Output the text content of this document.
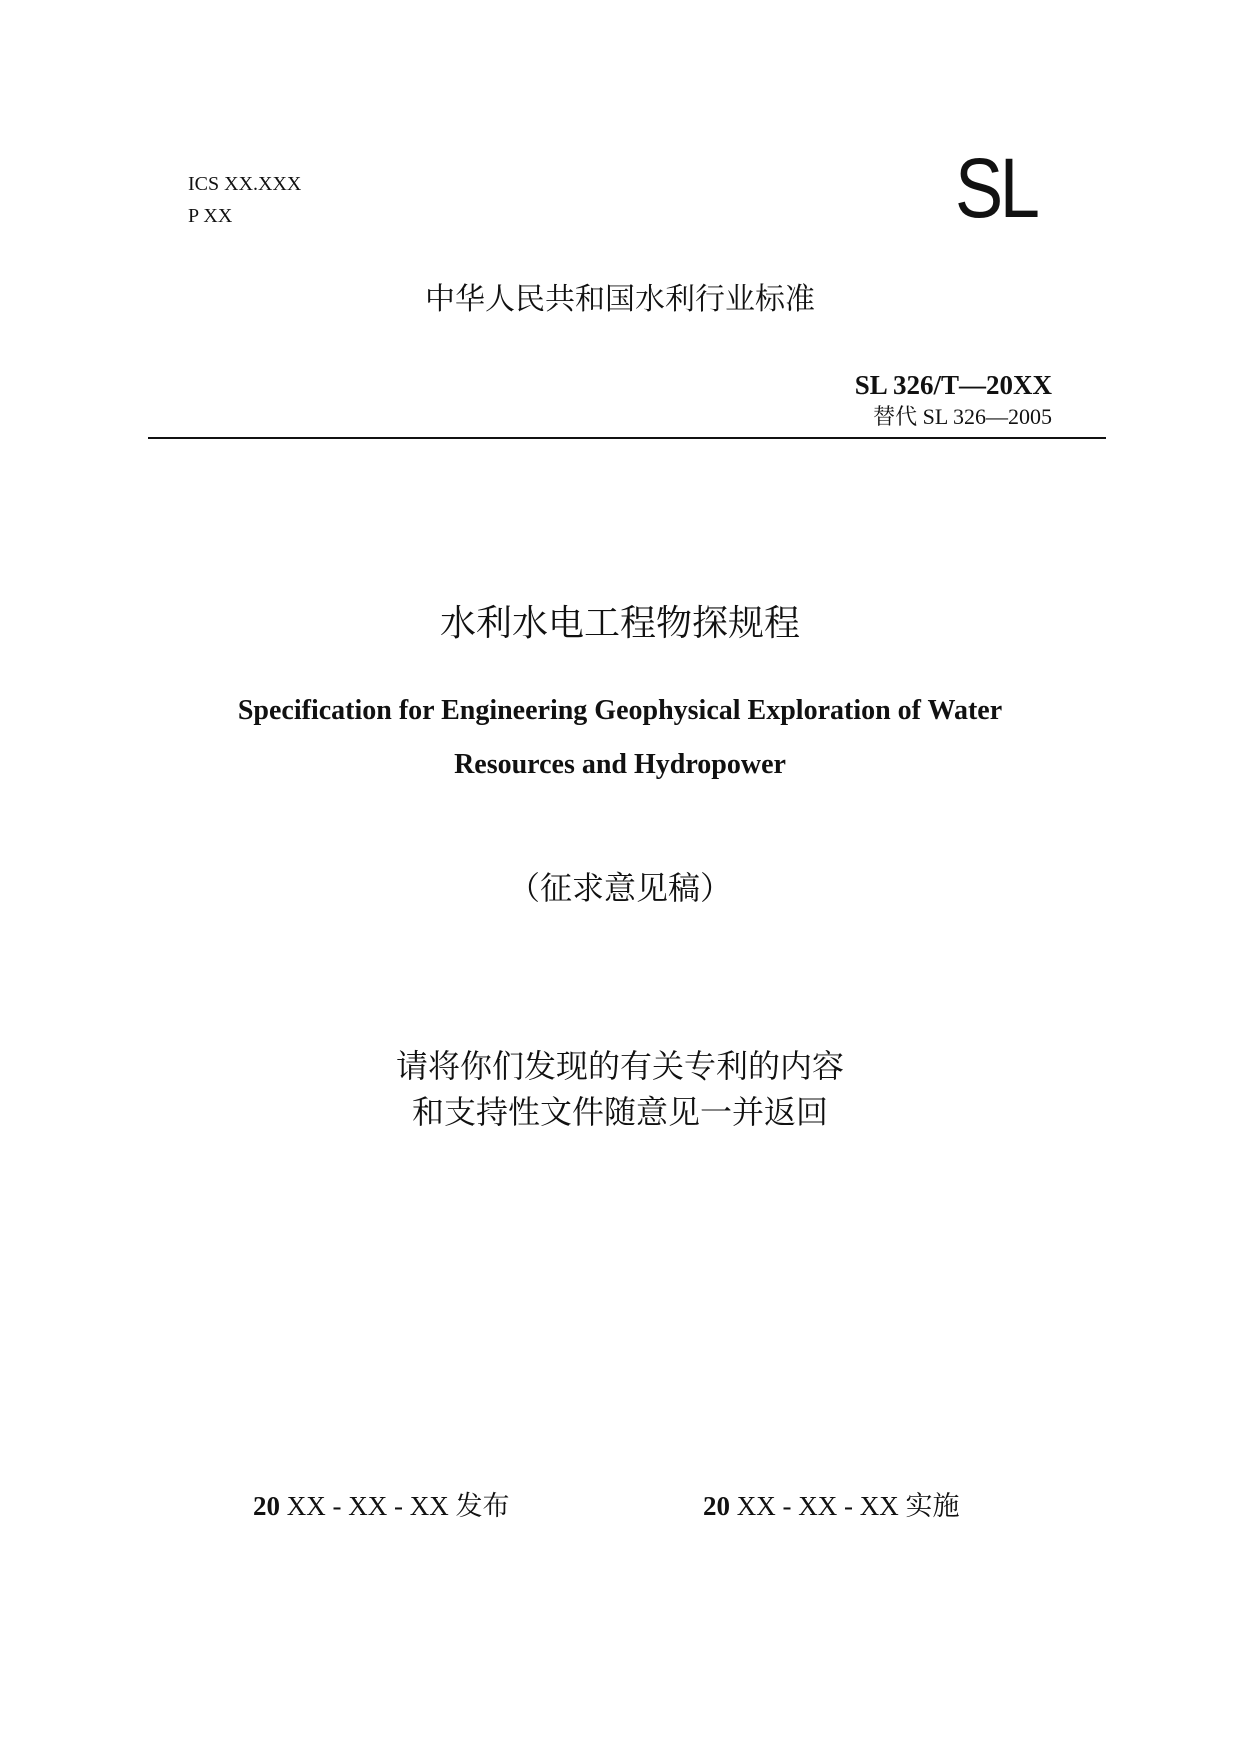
ICS XX.XXX
P XX	SL
中华人民共和国水利行业标准
SL 326/T—20XX
替代 SL 326—2005
水利水电工程物探规程
Specification for Engineering Geophysical Exploration of Water
Resources and Hydropower
（征求意见稿）
请将你们发现的有关专利的内容
和支持性文件随意见一并返回
20 XX - XX - XX 发布	20 XX - XX - XX 实施
